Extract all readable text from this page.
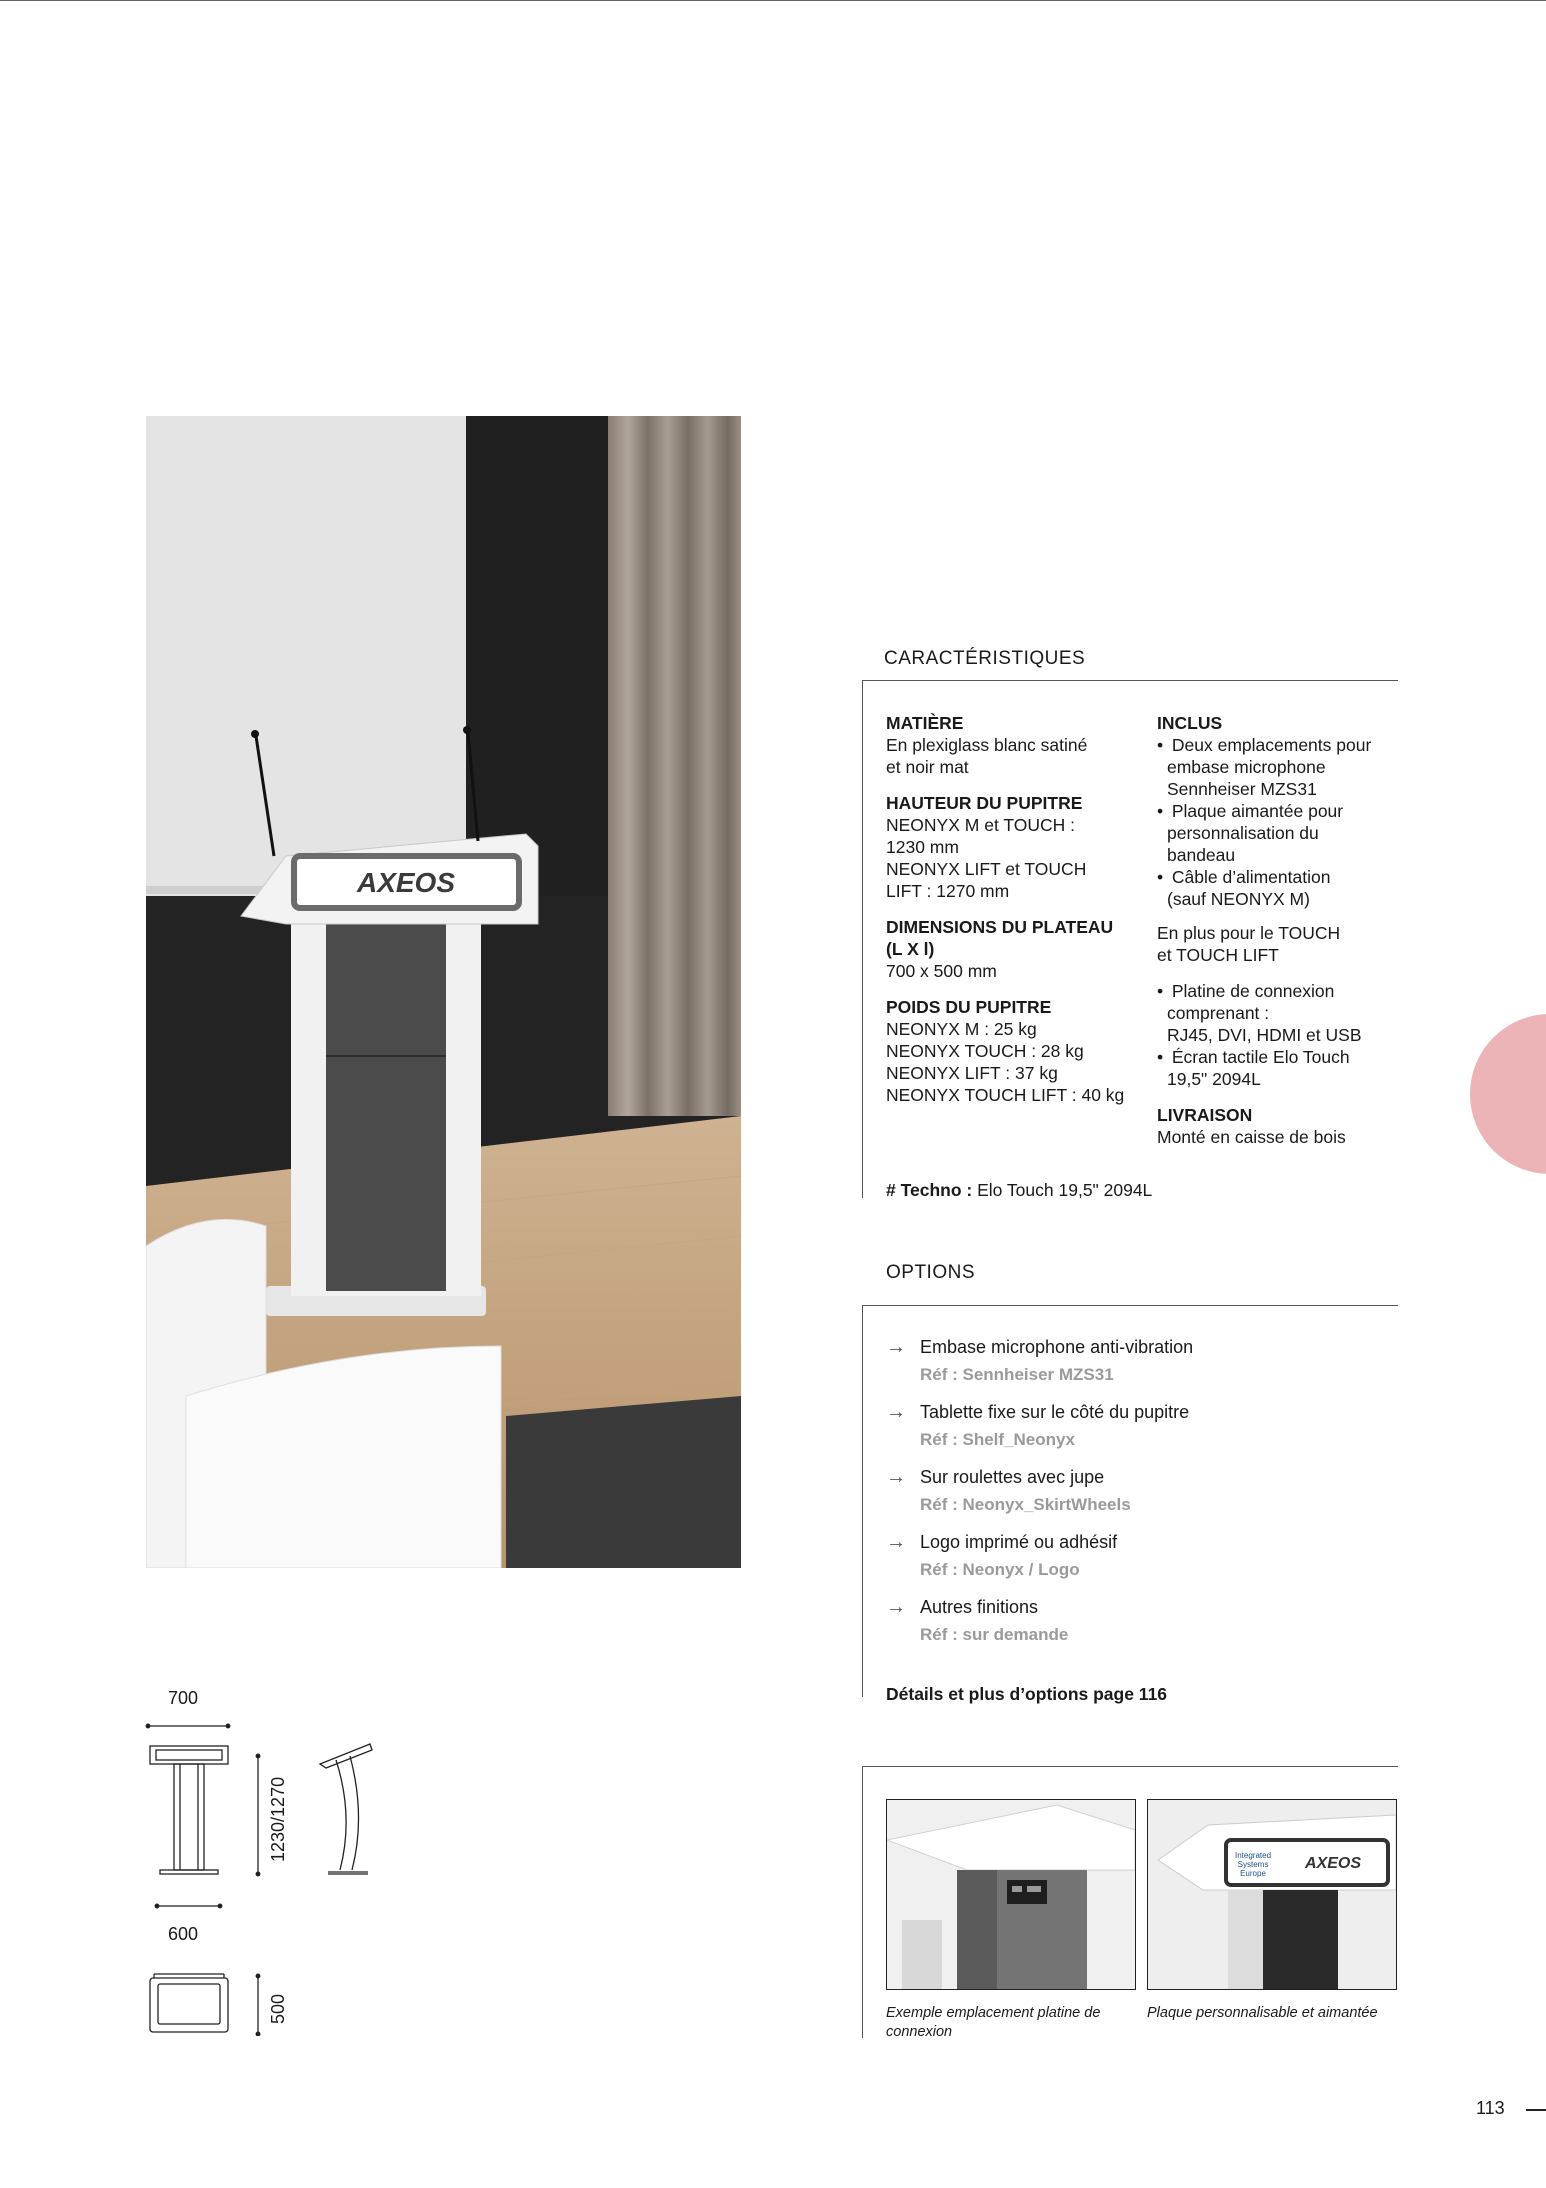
AXEOS
CARACTÉRISTIQUES

MATIÈRE

En plexiglass blanc satiné

et noir mat

HAUTEUR DU PUPITRE

NEONYX M et TOUCH :

1230 mm

NEONYX LIFT et TOUCH

LIFT : 1270 mm

DIMENSIONS DU PLATEAU

(L X l)

700 x 500 mm

POIDS DU PUPITRE

NEONYX M : 25 kg

NEONYX TOUCH : 28 kg

NEONYX LIFT : 37 kg

NEONYX TOUCH LIFT : 40 kg

INCLUS

• Deux emplacements pour
embase microphone
Sennheiser MZS31
• Plaque aimantée pour
personnalisation du
bandeau
• Câble d’alimentation
(sauf NEONYX M)

En plus pour le TOUCH

et TOUCH LIFT

• Platine de connexion
comprenant :
RJ45, DVI, HDMI et USB
• Écran tactile Elo Touch
19,5" 2094L

LIVRAISON

Monté en caisse de bois

# Techno : Elo Touch 19,5" 2094L
OPTIONS
→ Embase microphone anti-vibration
Réf : Sennheiser MZS31
→ Tablette fixe sur le côté du pupitre
Réf : Shelf_Neonyx
→ Sur roulettes avec jupe
Réf : Neonyx_SkirtWheels
→ Logo imprimé ou adhésif
Réf : Neonyx / Logo
→ Autres finitions
Réf : sur demande
Détails et plus d’options page 116
Integrated
Systems
Europe
AXEOS
Exemple emplacement platine de
connexion
Plaque personnalisable et aimantée
700
600
1230/1270
500
113
